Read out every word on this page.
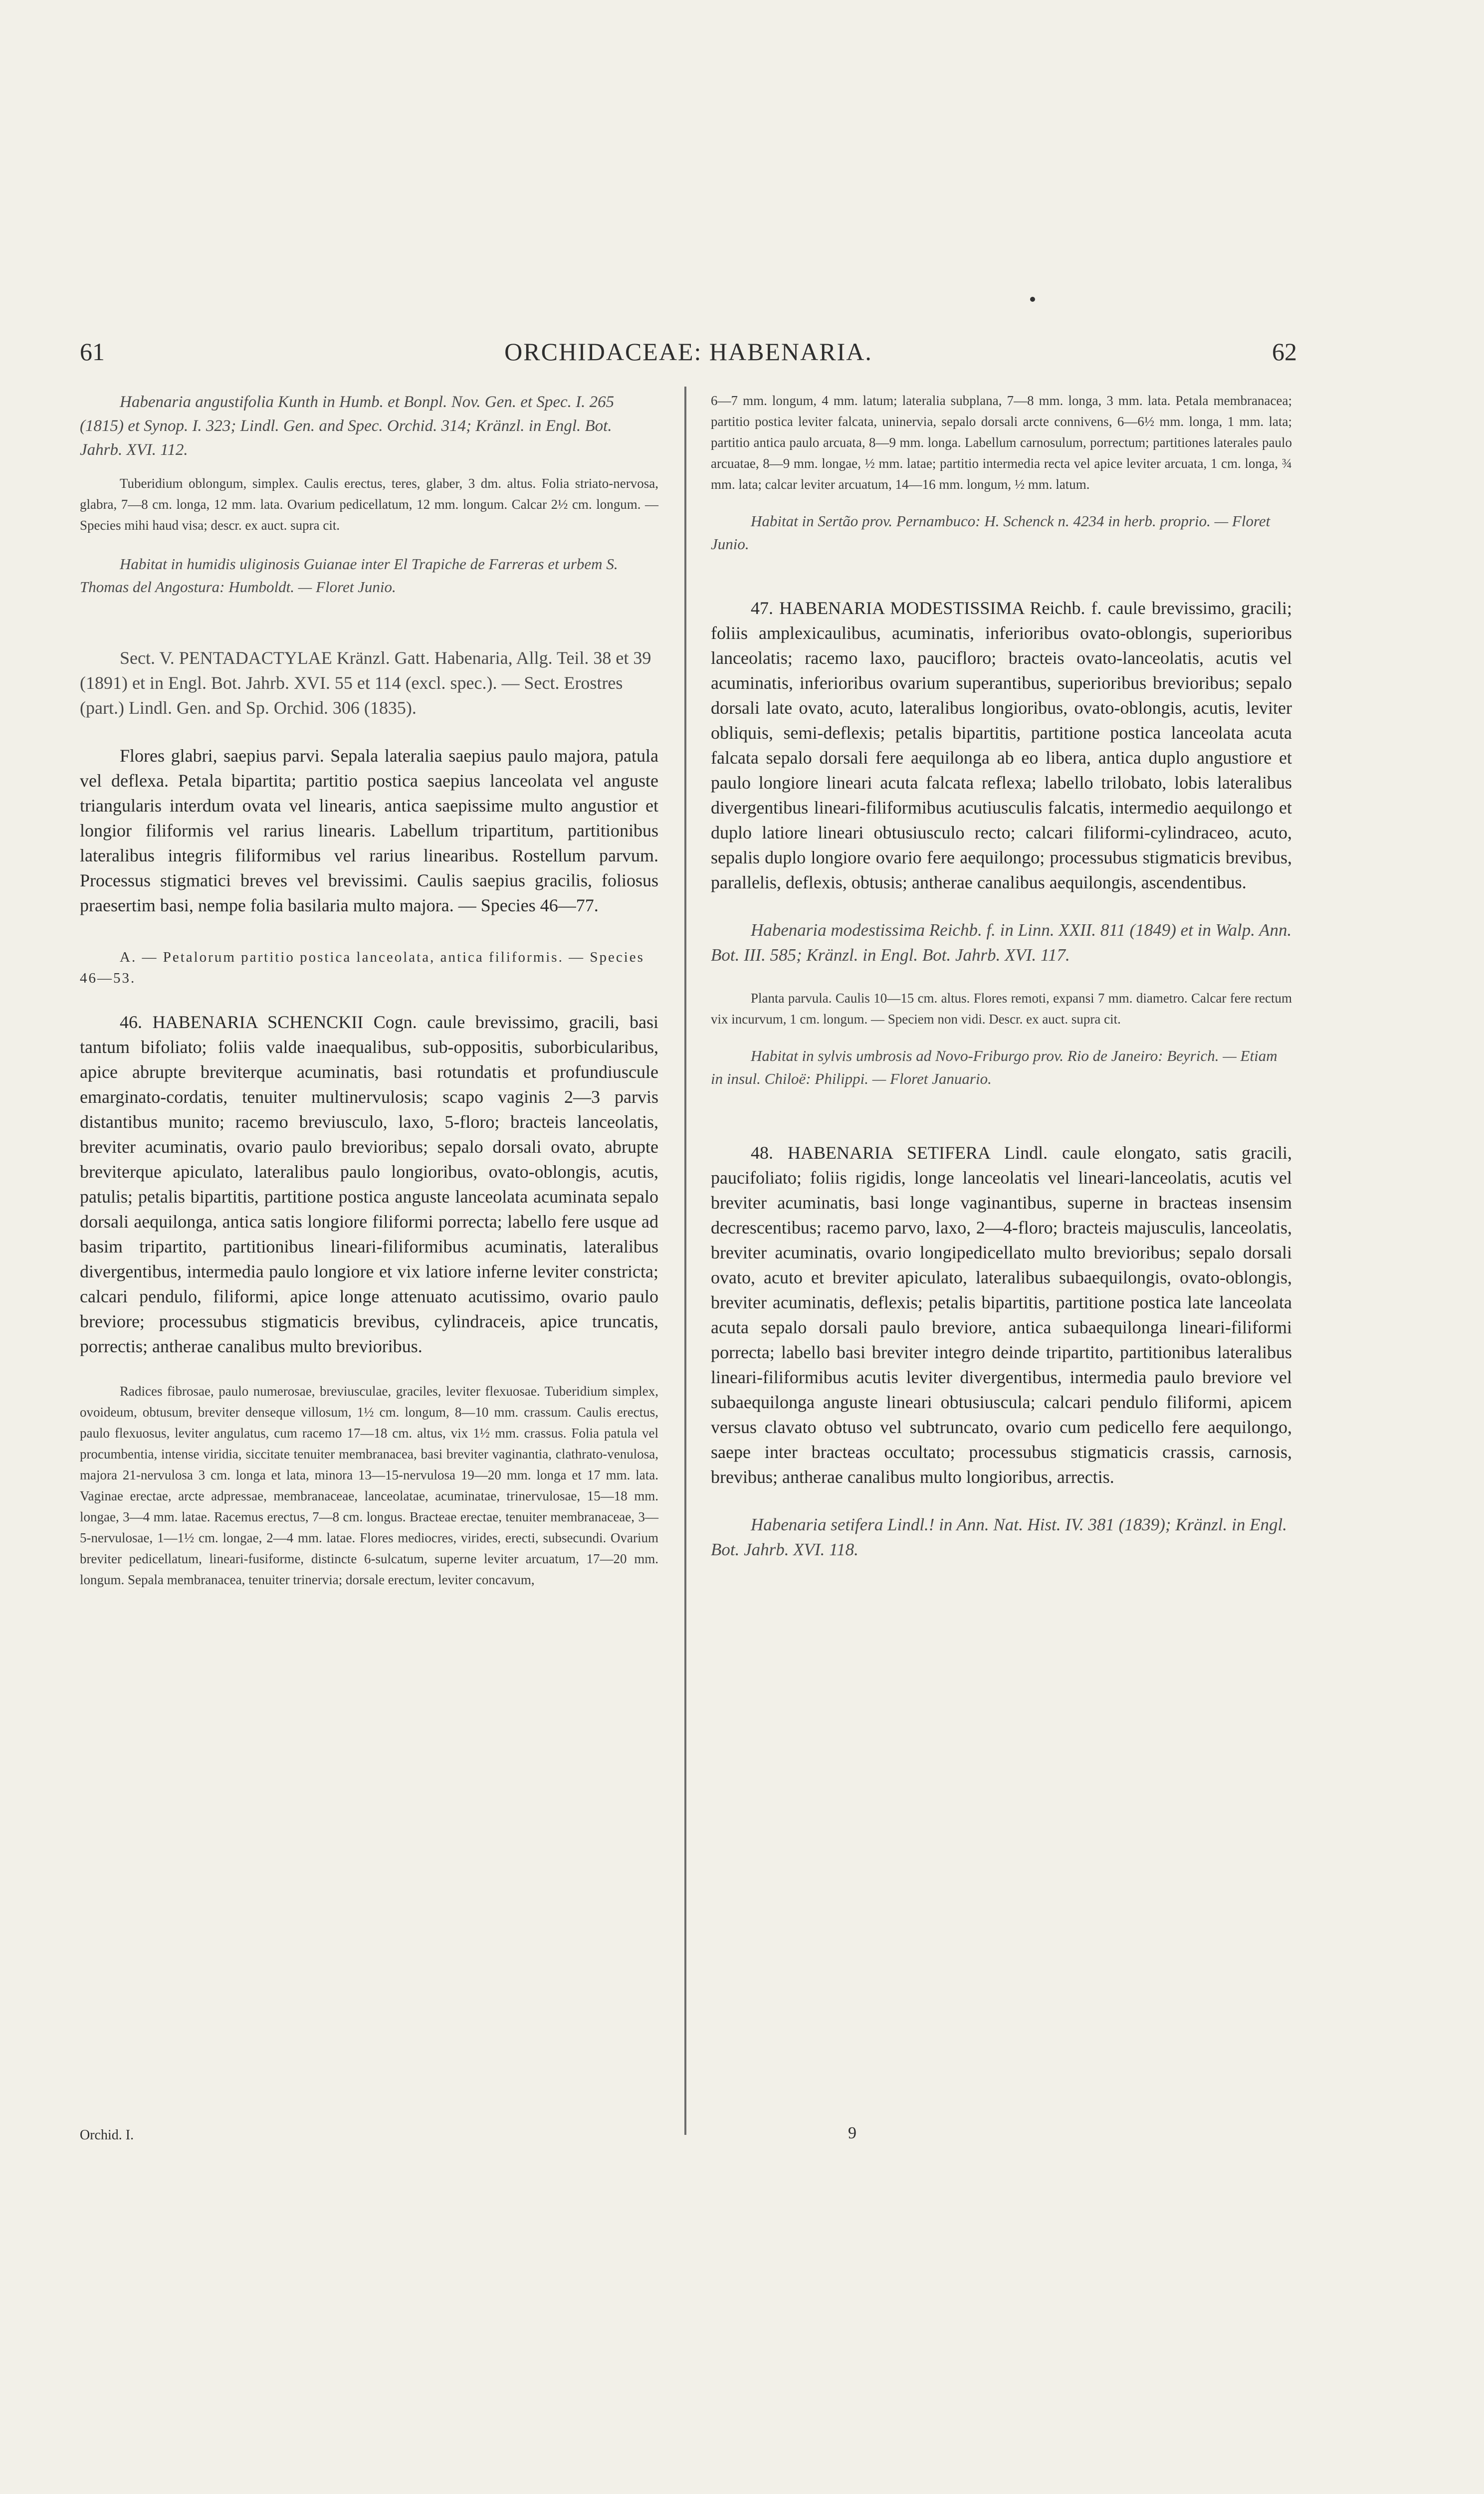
61	ORCHIDACEAE: HABENARIA.	62

Habenaria angustifolia Kunth in Humb. et Bonpl. Nov. Gen. et Spec. I. 265 (1815) et Synop. I. 323; Lindl. Gen. and Spec. Orchid. 314; Kränzl. in Engl. Bot. Jahrb. XVI. 112.

Tuberidium oblongum, simplex. Caulis erectus, teres, glaber, 3 dm. altus. Folia striato-nervosa, glabra, 7—8 cm. longa, 12 mm. lata. Ovarium pedicellatum, 12 mm. longum. Calcar 2½ cm. longum. — Species mihi haud visa; descr. ex auct. supra cit.

Habitat in humidis uliginosis Guianae inter El Trapiche de Farreras et urbem S. Thomas del Angostura: Humboldt. — Floret Junio.

Sect. V. PENTADACTYLAE Kränzl. Gatt. Habenaria, Allg. Teil. 38 et 39 (1891) et in Engl. Bot. Jahrb. XVI. 55 et 114 (excl. spec.). — Sect. Erostres (part.) Lindl. Gen. and Sp. Orchid. 306 (1835).

Flores glabri, saepius parvi. Sepala lateralia saepius paulo majora, patula vel deflexa. Petala bipartita; partitio postica saepius lanceolata vel anguste triangularis interdum ovata vel linearis, antica saepissime multo angustior et longior filiformis vel rarius linearis. Labellum tripartitum, partitionibus lateralibus integris filiformibus vel rarius linearibus. Rostellum parvum. Processus stigmatici breves vel brevissimi. Caulis saepius gracilis, foliosus praesertim basi, nempe folia basilaria multo majora. — Species 46—77.

A. — Petalorum partitio postica lanceolata, antica filiformis. — Species 46—53.

46. HABENARIA SCHENCKII Cogn. caule brevissimo, gracili, basi tantum bifoliato; foliis valde inaequalibus, sub-oppositis, suborbicularibus, apice abrupte breviterque acuminatis, basi rotundatis et profundiuscule emarginato-cordatis, tenuiter multinervulosis; scapo vaginis 2—3 parvis distantibus munito; racemo breviusculo, laxo, 5-floro; bracteis lanceolatis, breviter acuminatis, ovario paulo brevioribus; sepalo dorsali ovato, abrupte breviterque apiculato, lateralibus paulo longioribus, ovato-oblongis, acutis, patulis; petalis bipartitis, partitione postica anguste lanceolata acuminata sepalo dorsali aequilonga, antica satis longiore filiformi porrecta; labello fere usque ad basim tripartito, partitionibus lineari-filiformibus acuminatis, lateralibus divergentibus, intermedia paulo longiore et vix latiore inferne leviter constricta; calcari pendulo, filiformi, apice longe attenuato acutissimo, ovario paulo breviore; processubus stigmaticis brevibus, cylindraceis, apice truncatis, porrectis; antherae canalibus multo brevioribus.

Radices fibrosae, paulo numerosae, breviusculae, graciles, leviter flexuosae. Tuberidium simplex, ovoideum, obtusum, breviter denseque villosum, 1½ cm. longum, 8—10 mm. crassum. Caulis erectus, paulo flexuosus, leviter angulatus, cum racemo 17—18 cm. altus, vix 1½ mm. crassus. Folia patula vel procumbentia, intense viridia, siccitate tenuiter membranacea, basi breviter vaginantia, clathrato-venulosa, majora 21-nervulosa 3 cm. longa et lata, minora 13—15-nervulosa 19—20 mm. longa et 17 mm. lata. Vaginae erectae, arcte adpressae, membranaceae, lanceolatae, acuminatae, trinervulosae, 15—18 mm. longae, 3—4 mm. latae. Racemus erectus, 7—8 cm. longus. Bracteae erectae, tenuiter membranaceae, 3—5-nervulosae, 1—1½ cm. longae, 2—4 mm. latae. Flores mediocres, virides, erecti, subsecundi. Ovarium breviter pedicellatum, lineari-fusiforme, distincte 6-sulcatum, superne leviter arcuatum, 17—20 mm. longum. Sepala membranacea, tenuiter trinervia; dorsale erectum, leviter concavum,

Orchid. I.

6—7 mm. longum, 4 mm. latum; lateralia subplana, 7—8 mm. longa, 3 mm. lata. Petala membranacea; partitio postica leviter falcata, uninervia, sepalo dorsali arcte connivens, 6—6½ mm. longa, 1 mm. lata; partitio antica paulo arcuata, 8—9 mm. longa. Labellum carnosulum, porrectum; partitiones laterales paulo arcuatae, 8—9 mm. longae, ½ mm. latae; partitio intermedia recta vel apice leviter arcuata, 1 cm. longa, ¾ mm. lata; calcar leviter arcuatum, 14—16 mm. longum, ½ mm. latum.

Habitat in Sertão prov. Pernambuco: H. Schenck n. 4234 in herb. proprio. — Floret Junio.

47. HABENARIA MODESTISSIMA Reichb. f. caule brevissimo, gracili; foliis amplexicaulibus, acuminatis, inferioribus ovato-oblongis, superioribus lanceolatis; racemo laxo, paucifloro; bracteis ovato-lanceolatis, acutis vel acuminatis, inferioribus ovarium superantibus, superioribus brevioribus; sepalo dorsali late ovato, acuto, lateralibus longioribus, ovato-oblongis, acutis, leviter obliquis, semi-deflexis; petalis bipartitis, partitione postica lanceolata acuta falcata sepalo dorsali fere aequilonga ab eo libera, antica duplo angustiore et paulo longiore lineari acuta falcata reflexa; labello trilobato, lobis lateralibus divergentibus lineari-filiformibus acutiusculis falcatis, intermedio aequilongo et duplo latiore lineari obtusiusculo recto; calcari filiformi-cylindraceo, acuto, sepalis duplo longiore ovario fere aequilongo; processubus stigmaticis brevibus, parallelis, deflexis, obtusis; antherae canalibus aequilongis, ascendentibus.

Habenaria modestissima Reichb. f. in Linn. XXII. 811 (1849) et in Walp. Ann. Bot. III. 585; Kränzl. in Engl. Bot. Jahrb. XVI. 117.

Planta parvula. Caulis 10—15 cm. altus. Flores remoti, expansi 7 mm. diametro. Calcar fere rectum vix incurvum, 1 cm. longum. — Speciem non vidi. Descr. ex auct. supra cit.

Habitat in sylvis umbrosis ad Novo-Friburgo prov. Rio de Janeiro: Beyrich. — Etiam in insul. Chiloë: Philippi. — Floret Januario.

48. HABENARIA SETIFERA Lindl. caule elongato, satis gracili, paucifoliato; foliis rigidis, longe lanceolatis vel lineari-lanceolatis, acutis vel breviter acuminatis, basi longe vaginantibus, superne in bracteas insensim decrescentibus; racemo parvo, laxo, 2—4-floro; bracteis majusculis, lanceolatis, breviter acuminatis, ovario longipedicellato multo brevioribus; sepalo dorsali ovato, acuto et breviter apiculato, lateralibus subaequilongis, ovato-oblongis, breviter acuminatis, deflexis; petalis bipartitis, partitione postica late lanceolata acuta sepalo dorsali paulo breviore, antica subaequilonga lineari-filiformi porrecta; labello basi breviter integro deinde tripartito, partitionibus lateralibus lineari-filiformibus acutis leviter divergentibus, intermedia paulo breviore vel subaequilonga anguste lineari obtusiuscula; calcari pendulo filiformi, apicem versus clavato obtuso vel subtruncato, ovario cum pedicello fere aequilongo, saepe inter bracteas occultato; processubus stigmaticis crassis, carnosis, brevibus; antherae canalibus multo longioribus, arrectis.

Habenaria setifera Lindl.! in Ann. Nat. Hist. IV. 381 (1839); Kränzl. in Engl. Bot. Jahrb. XVI. 118.

9
